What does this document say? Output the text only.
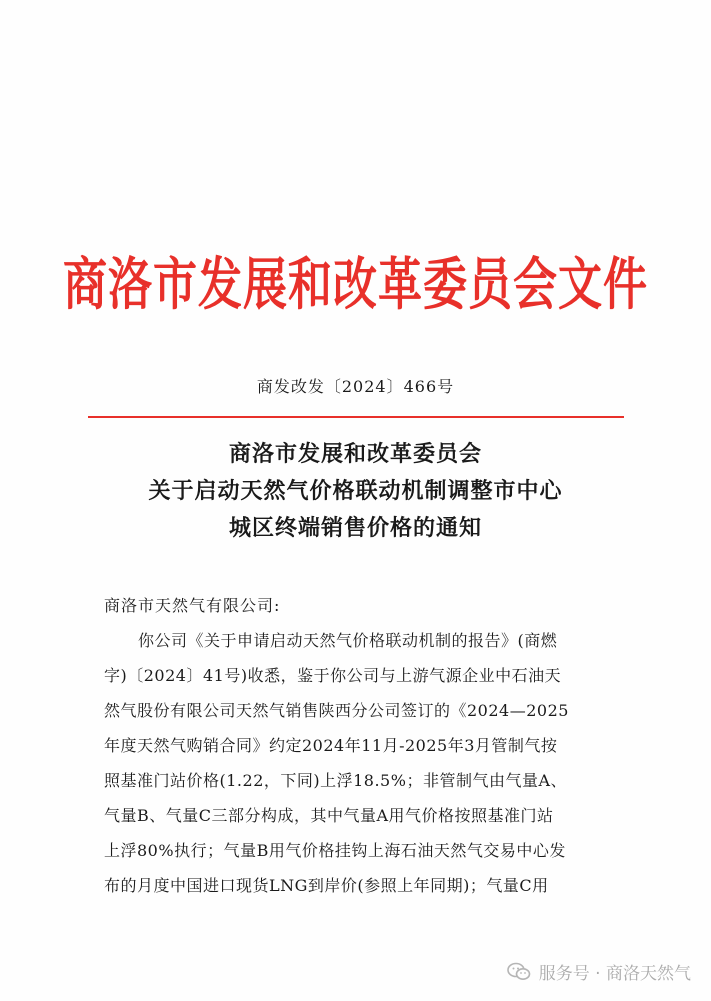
商洛市发展和改革委员会文件
商发改发〔2024〕466号
商洛市发展和改革委员会
关于启动天然气价格联动机制调整市中心
城区终端销售价格的通知
商洛市天然气有限公司:
你公司《关于申请启动天然气价格联动机制的报告》(商燃
字)〔2024〕41号)收悉，鉴于你公司与上游气源企业中石油天
然气股份有限公司天然气销售陕西分公司签订的《2024—2025
年度天然气购销合同》约定2024年11月-2025年3月管制气按
照基准门站价格(1.22，下同)上浮18.5%；非管制气由气量A、
气量B、气量C三部分构成，其中气量A用气价格按照基准门站
上浮80%执行；气量B用气价格挂钩上海石油天然气交易中心发
布的月度中国进口现货LNG到岸价(参照上年同期)；气量C用
服务号 · 商洛天然气
